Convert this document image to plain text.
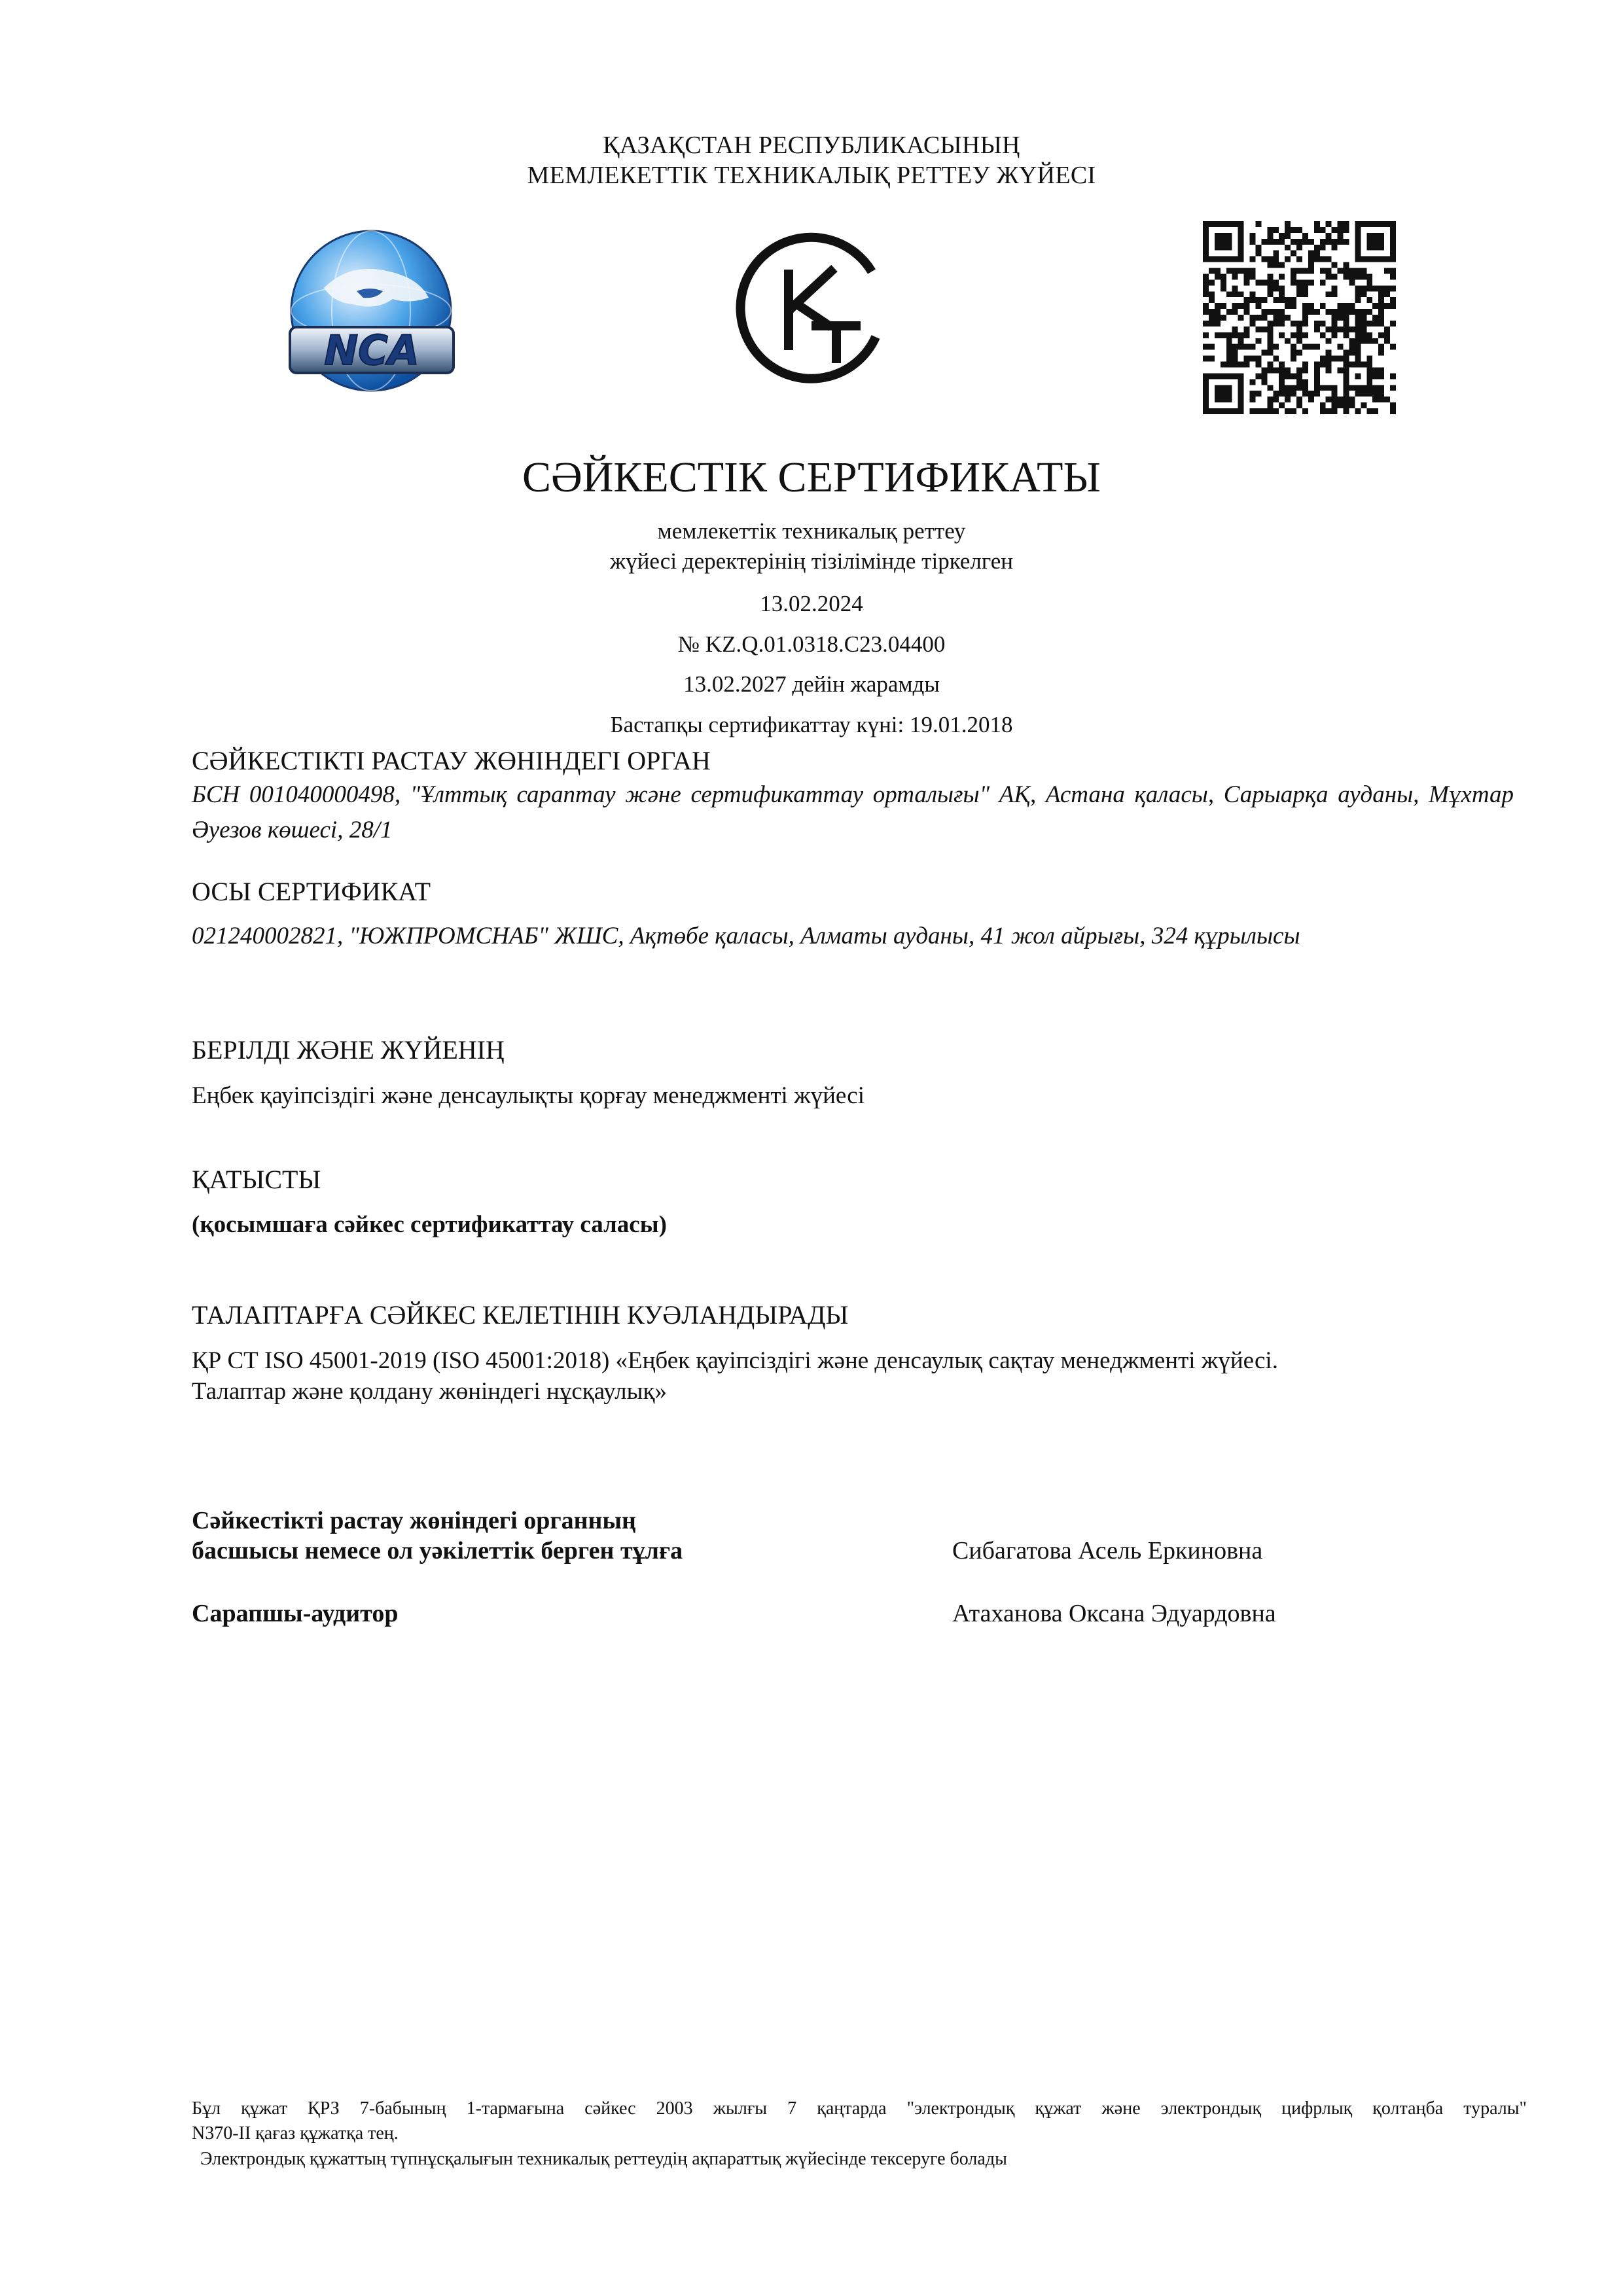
ҚАЗАҚСТАН РЕСПУБЛИКАСЫНЫҢ
МЕМЛЕКЕТТІК ТЕХНИКАЛЫҚ РЕТТЕУ ЖҮЙЕСІ
NCA
KZ
СӘЙКЕСТІК СЕРТИФИКАТЫ
мемлекеттік техникалық реттеу
жүйесі деректерінің тізілімінде тіркелген
13.02.2024
№ KZ.Q.01.0318.C23.04400
13.02.2027 дейін жарамды
Бастапқы сертификаттау күні: 19.01.2018
СӘЙКЕСТІКТІ РАСТАУ ЖӨНІНДЕГІ ОРГАН
БСН 001040000498, "Ұлттық сараптау және сертификаттау орталығы" АҚ, Астана қаласы, Сарыарқа ауданы, Мұхтар Әуезов көшесі, 28/1
ОСЫ СЕРТИФИКАТ
021240002821, "ЮЖПРОМСНАБ" ЖШС, Ақтөбе қаласы, Алматы ауданы, 41 жол айрығы, 324 құрылысы
БЕРІЛДІ ЖӘНЕ ЖҮЙЕНІҢ
Еңбек қауіпсіздігі және денсаулықты қорғау менеджменті жүйесі
ҚАТЫСТЫ
(қосымшаға сәйкес сертификаттау саласы)
ТАЛАПТАРҒА СӘЙКЕС КЕЛЕТІНІН КУӘЛАНДЫРАДЫ
ҚР СТ ISO 45001-2019 (ISO 45001:2018) «Еңбек қауіпсіздігі және денсаулық сақтау менеджменті жүйесі.
Талаптар және қолдану жөніндегі нұсқаулық»
Сәйкестікті растау жөніндегі органның
басшысы немесе ол уәкілеттік берген тұлға	Сибагатова Асель Еркиновна
Сарапшы-аудитор	Атаханова Оксана Эдуардовна
Бұл құжат ҚРЗ 7-бабының 1-тармағына сәйкес 2003 жылғы 7 қаңтарда "электрондық құжат және электрондық цифрлық қолтаңба туралы"
N370-II қағаз құжатқа тең.
Электрондық құжаттың түпнұсқалығын техникалық реттеудің ақпараттық жүйесінде тексеруге болады
